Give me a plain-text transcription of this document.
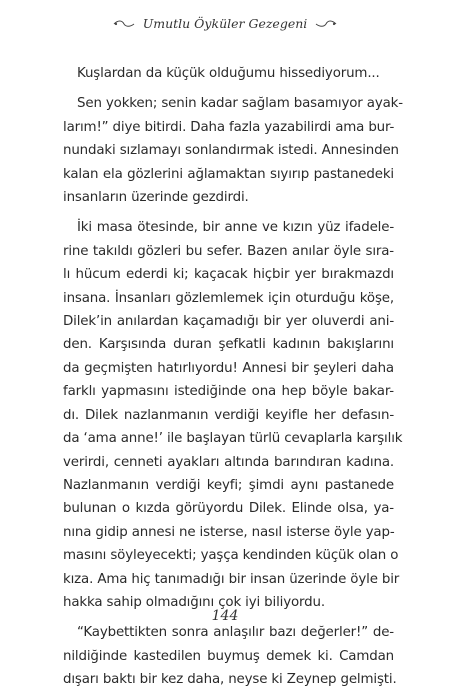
Umutlu Öyküler Gezegeni

Kuşlardan da küçük olduğumu hissediyorum...

Sen yokken; senin kadar sağlam basamıyor ayak-
larım!” diye bitirdi. Daha fazla yazabilirdi ama bur-
nundaki sızlamayı sonlandırmak istedi. Annesinden
kalan ela gözlerini ağlamaktan sıyırıp pastanedeki
insanların üzerinde gezdirdi.

İki masa ötesinde, bir anne ve kızın yüz ifadele-
rine takıldı gözleri bu sefer. Bazen anılar öyle sıra-
lı hücum ederdi ki; kaçacak hiçbir yer bırakmazdı
insana. İnsanları gözlemlemek için oturduğu köşe,
Dilek’in anılardan kaçamadığı bir yer oluverdi ani-
den. Karşısında duran şefkatli kadının bakışlarını
da geçmişten hatırlıyordu! Annesi bir şeyleri daha
farklı yapmasını istediğinde ona hep böyle bakar-
dı. Dilek nazlanmanın verdiği keyifle her defasın-
da ‘ama anne!’ ile başlayan türlü cevaplarla karşılık
verirdi, cenneti ayakları altında barındıran kadına.
Nazlanmanın verdiği keyfi; şimdi aynı pastanede
bulunan o kızda görüyordu Dilek. Elinde olsa, ya-
nına gidip annesi ne isterse, nasıl isterse öyle yap-
masını söyleyecekti; yaşça kendinden küçük olan o
kıza. Ama hiç tanımadığı bir insan üzerinde öyle bir
hakka sahip olmadığını çok iyi biliyordu.

“Kaybettikten sonra anlaşılır bazı değerler!” de-
nildiğinde kastedilen buymuş demek ki. Camdan
dışarı baktı bir kez daha, neyse ki Zeynep gelmişti.

144
